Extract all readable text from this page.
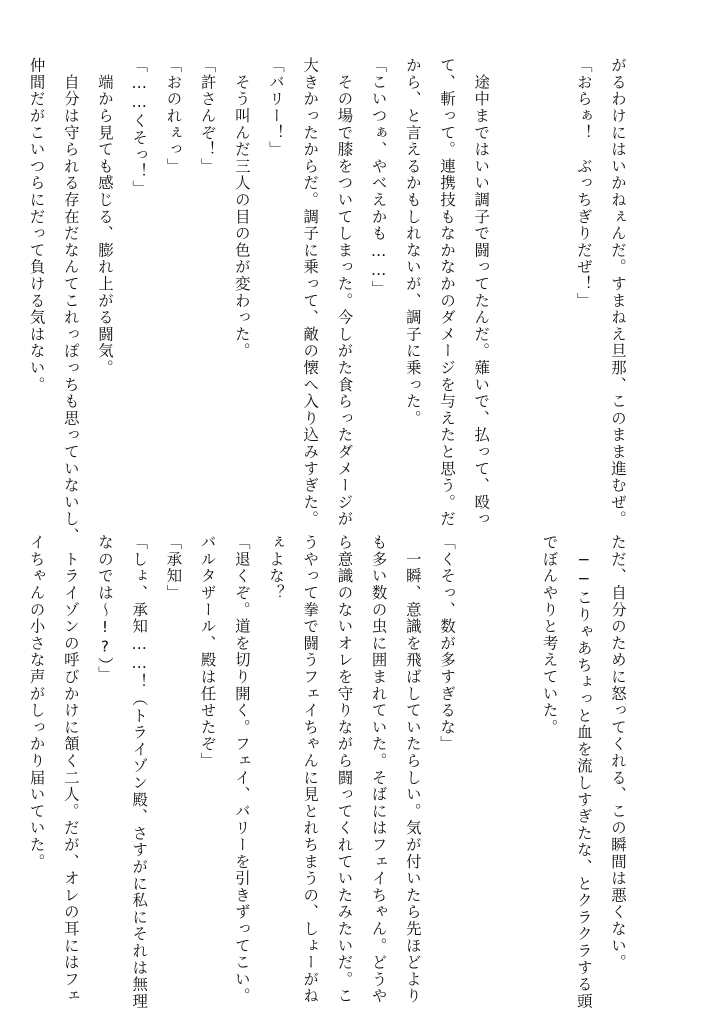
がるわけにはいかねぇんだ。すまねえ旦那、このまま進むぜ。
「おらぁ！　ぶっちぎりだぜ！」
　途中まではいい調子で闘ってたんだ。薙いで、払って、殴っ
て、斬って。連携技もなかなかのダメージを与えたと思う。だ
から、と言えるかもしれないが、調子に乗った。
「こいつぁ、やべえかも……」
　その場で膝をついてしまった。今しがた食らったダメージが
大きかったからだ。調子に乗って、敵の懐へ入り込みすぎた。
「バリー！」
　そう叫んだ三人の目の色が変わった。
「許さんぞ！」
「おのれぇっ」
「……くそっ！」
　端から見ても感じる、膨れ上がる闘気。
　自分は守られる存在だなんてこれっぽっちも思っていないし、
仲間だがこいつらにだって負ける気はない。
ただ、自分のために怒ってくれる、この瞬間は悪くない。
　──こりゃあちょっと血を流しすぎたな、とクラクラする頭
でぼんやりと考えていた。
「くそっ、数が多すぎるな」
　一瞬、意識を飛ばしていたらしい。気が付いたら先ほどより
も多い数の虫に囲まれていた。そばにはフェイちゃん。どうや
ら意識のないオレを守りながら闘ってくれていたみたいだ。こ
うやって拳で闘うフェイちゃんに見とれちまうの、しょーがね
ぇよな？
「退くぞ。道を切り開く。フェイ、バリーを引きずってこい。
バルタザール、殿は任せたぞ」
「承知」
「しょ、承知……！（トライゾン殿、さすがに私にそれは無理
なのでは〜!?）」
　トライゾンの呼びかけに頷く二人。だが、オレの耳にはフェ
イちゃんの小さな声がしっかり届いていた。
